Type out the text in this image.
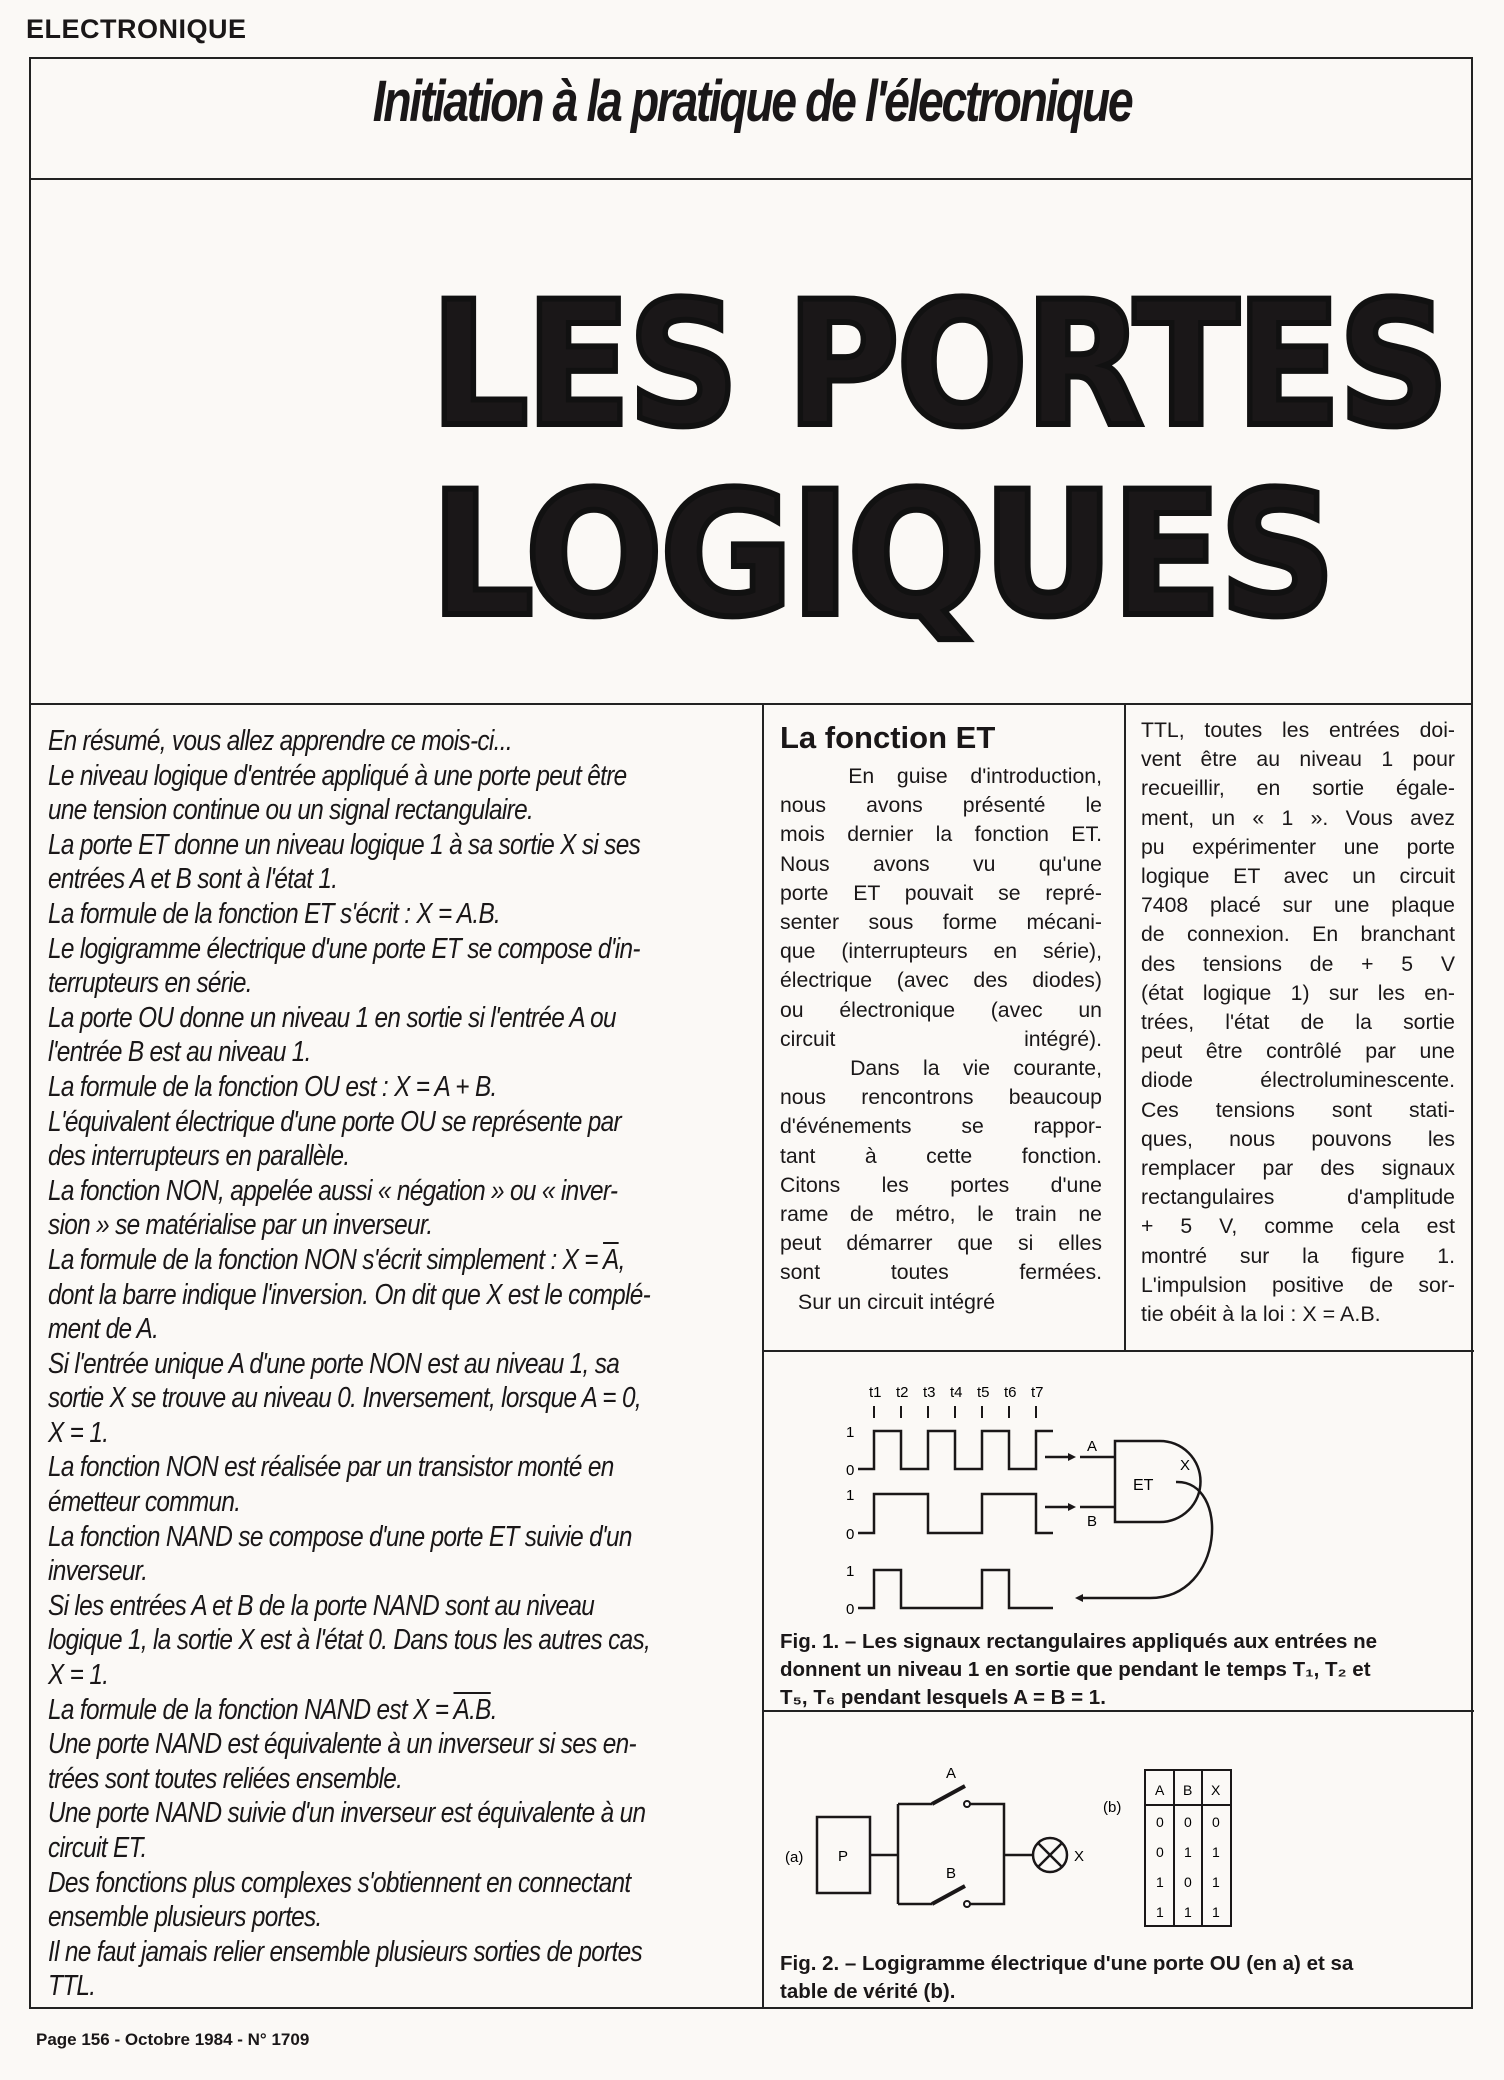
ELECTRONIQUE
Initiation à la pratique de l'électronique
LES PORTES
LOGIQUES
En résumé, vous allez apprendre ce mois-ci...
Le niveau logique d'entrée appliqué à une porte peut être
une tension continue ou un signal rectangulaire.
La porte ET donne un niveau logique 1 à sa sortie X si ses
entrées A et B sont à l'état 1.
La formule de la fonction ET s'écrit : X = A.B.
Le logigramme électrique d'une porte ET se compose d'in-
terrupteurs en série.
La porte OU donne un niveau 1 en sortie si l'entrée A ou
l'entrée B est au niveau 1.
La formule de la fonction OU est : X = A + B.
L'équivalent électrique d'une porte OU se représente par
des interrupteurs en parallèle.
La fonction NON, appelée aussi « négation » ou « inver-
sion » se matérialise par un inverseur.
La formule de la fonction NON s'écrit simplement : $X = \overline{A}$,
dont la barre indique l'inversion. On dit que X est le complé-
ment de A.
Si l'entrée unique A d'une porte NON est au niveau 1, sa
sortie X se trouve au niveau 0. Inversement, lorsque A = 0,
X = 1.
La fonction NON est réalisée par un transistor monté en
émetteur commun.
La fonction NAND se compose d'une porte ET suivie d'un
inverseur.
Si les entrées A et B de la porte NAND sont au niveau
logique 1, la sortie X est à l'état 0. Dans tous les autres cas,
X = 1.
La formule de la fonction NAND est X = A.B.
Une porte NAND est équivalente à un inverseur si ses en-
trées sont toutes reliées ensemble.
Une porte NAND suivie d'un inverseur est équivalente à un
circuit ET.
Des fonctions plus complexes s'obtiennent en connectant
ensemble plusieurs portes.
Il ne faut jamais relier ensemble plusieurs sorties de portes
TTL.
La fonction ET
En guise d'introduction,
nous avons présenté le
mois dernier la fonction ET.
Nous avons vu qu'une
porte ET pouvait se repré-
senter sous forme mécani-
que (interrupteurs en série),
électrique (avec des diodes)
ou électronique (avec un
circuit intégré).
Dans la vie courante,
nous rencontrons beaucoup
d'événements se rappor-
tant à cette fonction.
Citons les portes d'une
rame de métro, le train ne
peut démarrer que si elles
sont toutes fermées.
Sur un circuit intégré
TTL, toutes les entrées doi-
vent être au niveau 1 pour
recueillir, en sortie égale-
ment, un « 1 ». Vous avez
pu expérimenter une porte
logique ET avec un circuit
7408 placé sur une plaque
de connexion. En branchant
des tensions de + 5 V
(état logique 1) sur les en-
trées, l'état de la sortie
peut être contrôlé par une
diode électroluminescente.
Ces tensions sont stati-
ques, nous pouvons les
remplacer par des signaux
rectangulaires d'amplitude
+ 5 V, comme cela est
montré sur la figure 1.
L'impulsion positive de sor-
tie obéit à la loi : X = A.B.
t1 t2 t3 t4 t5 t6 t7
1
0
1
0
1
0
ET
A
B
X
(a) P
A
B
X
(b)
A B X
0 0 0
0 1 1
1 0 1
1 1 1
Fig. 1. – Les signaux rectangulaires appliqués aux entrées ne
donnent un niveau 1 en sortie que pendant le temps T₁, T₂ et
T₅, T₆ pendant lesquels A = B = 1.
Fig. 2. – Logigramme électrique d'une porte OU (en a) et sa
table de vérité (b).
Page 156 - Octobre 1984 - N° 1709
